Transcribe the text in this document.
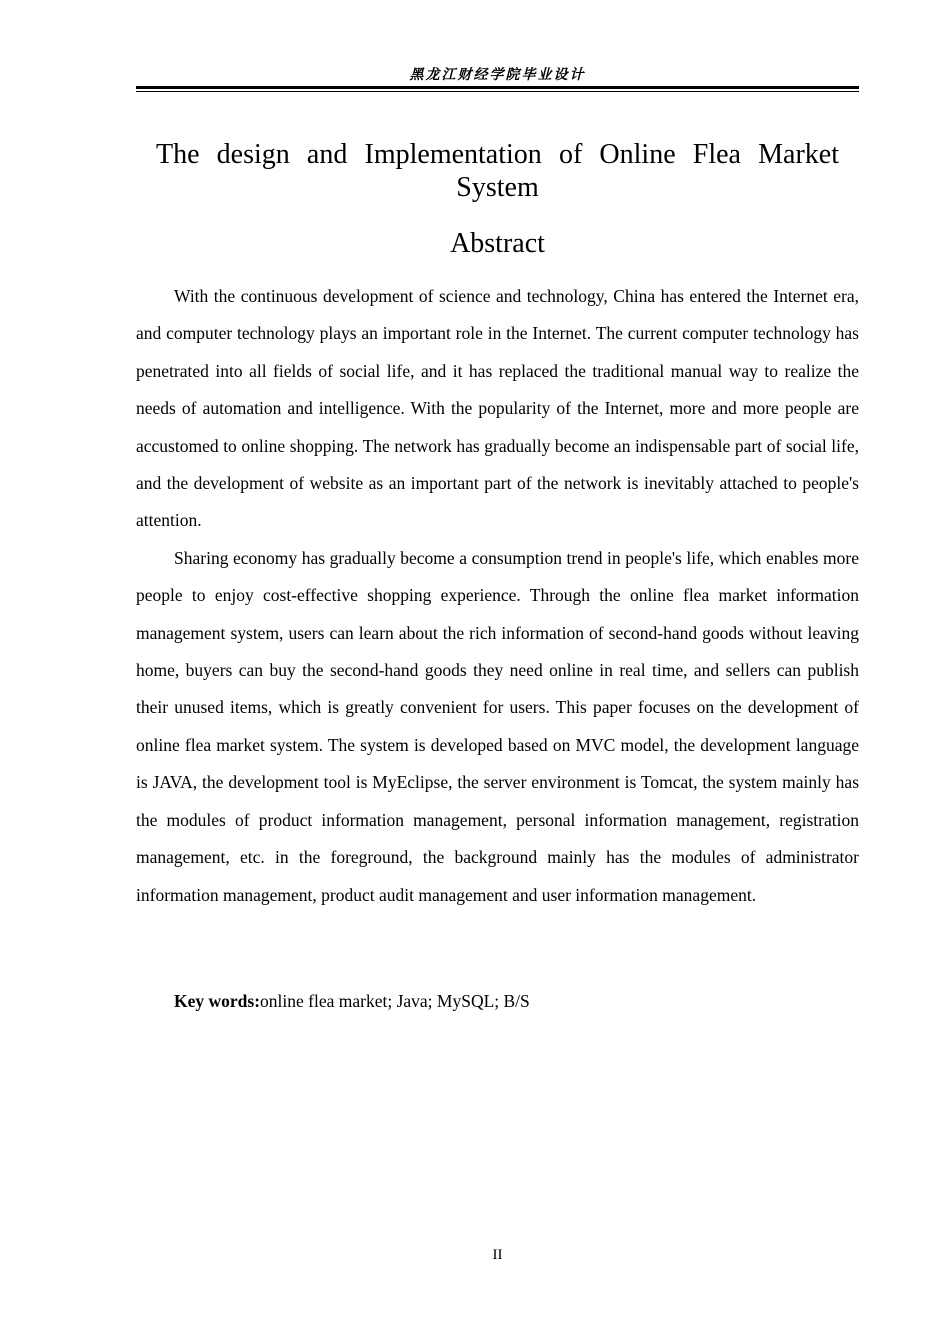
黑龙江财经学院毕业设计
The design and Implementation of Online Flea Market System
Abstract

With the continuous development of science and technology, China has entered the Internet era, and computer technology plays an important role in the Internet. The current computer technology has penetrated into all fields of social life, and it has replaced the traditional manual way to realize the needs of automation and intelligence. With the popularity of the Internet, more and more people are accustomed to online shopping. The network has gradually become an indispensable part of social life, and the development of website as an important part of the network is inevitably attached to people's attention.

Sharing economy has gradually become a consumption trend in people's life, which enables more people to enjoy cost-effective shopping experience. Through the online flea market information management system, users can learn about the rich information of second-hand goods without leaving home, buyers can buy the second-hand goods they need online in real time, and sellers can publish their unused items, which is greatly convenient for users. This paper focuses on the development of online flea market system. The system is developed based on MVC model, the development language is JAVA, the development tool is MyEclipse, the server environment is Tomcat, the system mainly has the modules of product information management, personal information management, registration management, etc. in the foreground, the background mainly has the modules of administrator information management, product audit management and user information management.

Key words:online flea market; Java; MySQL; B/S
II
